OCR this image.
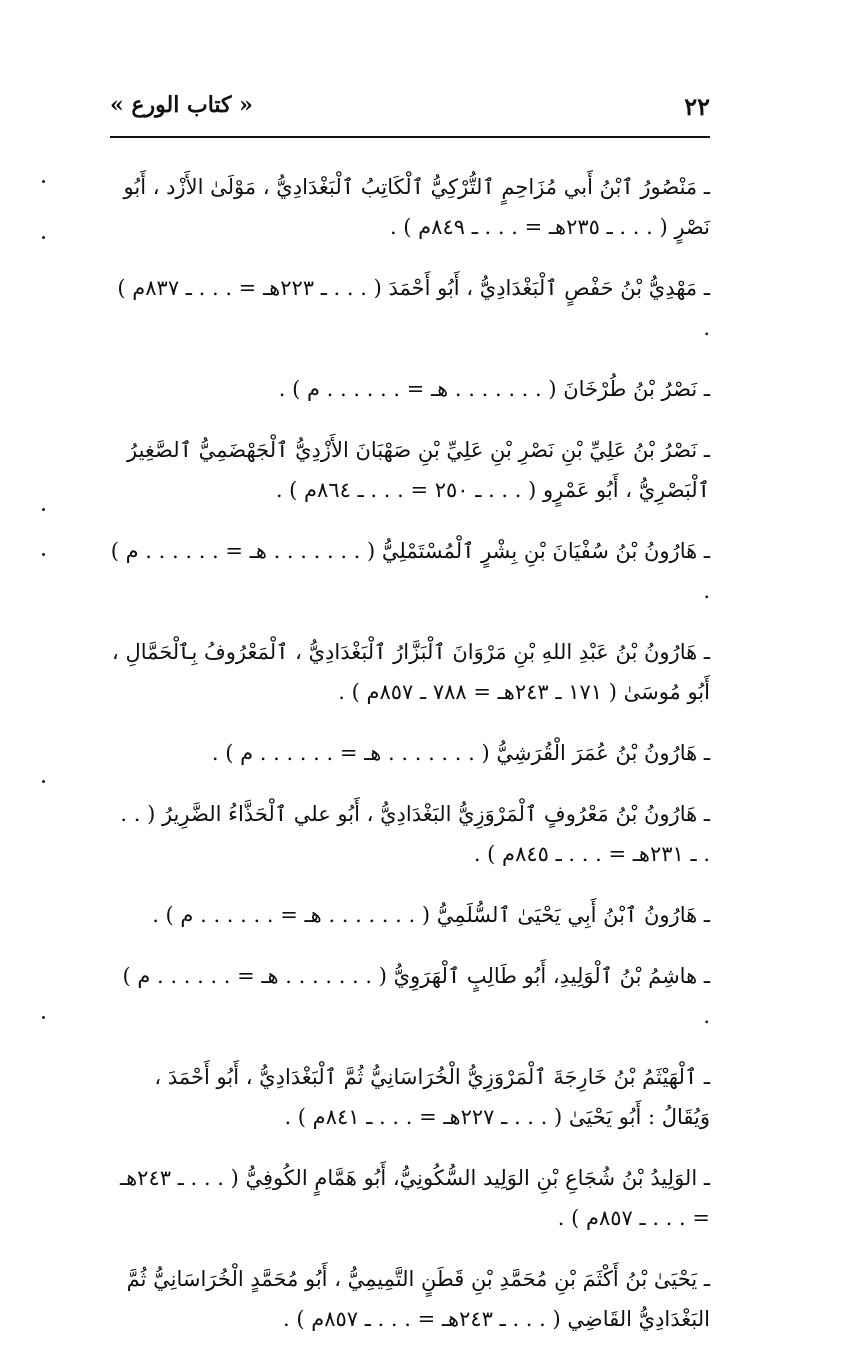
٢٢
« كتاب الورع »

ـ مَنْصُورُ ٱبْنُ أَبي مُزَاحِمٍ ٱلتُّرْكِيُّ ٱلْكَاتِبُ ٱلْبَغْدَادِيُّ ، مَوْلَىٰ الأَزْد ، أَبُو نَصْرٍ ( . . . ـ ٢٣٥هـ = . . . ـ ٨٤٩م ) .

ـ مَهْدِيُّ بْنُ حَفْصٍ ٱلْبَغْدَادِيُّ ، أَبُو أَحْمَدَ ( . . . ـ ٢٢٣هـ = . . . ـ ٨٣٧م ) .

ـ نَصْرُ بْنُ طُرْخَانَ ( . . . . . . . هـ = . . . . . . م ) .

ـ نَصْرُ بْنُ عَلِيِّ بْنِ نَصْرِ بْنِ عَلِيِّ بْنِ صَهْبَانَ الأَزْدِيُّ ٱلْجَهْضَمِيُّ ٱلصَّغِيرُ ٱلْبَصْرِيُّ ، أَبُو عَمْرٍو ( . . . ـ ٢٥٠ = . . . ـ ٨٦٤م ) .

ـ هَارُونُ بْنُ سُفْيَانَ بْنِ بِشْرٍ ٱلْمُسْتَمْلِيُّ ( . . . . . . . هـ = . . . . . . م ) .

ـ هَارُونُ بْنُ عَبْدِ اللهِ بْنِ مَرْوَانَ ٱلْبَزَّارُ ٱلْبَغْدَادِيُّ ، ٱلْمَعْرُوفُ بِٱلْحَمَّالِ ، أَبُو مُوسَىٰ ( ١٧١ ـ ٢٤٣هـ = ٧٨٨ ـ ٨٥٧م ) .

ـ هَارُونُ بْنُ عُمَرَ الْقُرَشِيُّ ( . . . . . . . هـ = . . . . . . م ) .

ـ هَارُونُ بْنُ مَعْرُوفٍ ٱلْمَرْوَزِيُّ البَغْدَادِيُّ ، أَبُو علي ٱلْحَذَّاءُ الضَّرِيرُ ( . . . ـ ٢٣١هـ = . . . ـ ٨٤٥م ) .

ـ هَارُونُ ٱبْنُ أَبِي يَحْيَىٰ ٱلسُّلَمِيُّ ( . . . . . . . هـ = . . . . . . م ) .

ـ هاشِمُ بْنُ ٱلْوَلِيدِ، أَبُو طَالِبٍ ٱلْهَرَوِيُّ ( . . . . . . . هـ = . . . . . . م ) .

ـ ٱلْهَيْثَمُ بْنُ خَارِجَةَ ٱلْمَرْوَزِيُّ الْخُرَاسَانِيُّ ثُمَّ ٱلْبَغْدَادِيُّ ، أَبُو أَحْمَدَ ، وَيُقَالُ : أَبُو يَحْيَىٰ ( . . . ـ ٢٢٧هـ = . . . ـ ٨٤١م ) .

ـ الوَلِيدُ بْنُ شُجَاعِ بْنِ الوَلِيد السُّكُونِيُّ، أَبُو هَمَّامٍ الكُوفِيُّ ( . . . ـ ٢٤٣هـ = . . . ـ ٨٥٧م ) .

ـ يَحْيَىٰ بْنُ أَكْثَمَ بْنِ مُحَمَّدِ بْنِ قَطَنٍ التَّمِيمِيُّ ، أَبُو مُحَمَّدٍ الْخُرَاسَانِيُّ ثُمَّ البَغْدَادِيُّ القَاضِي ( . . . ـ ٢٤٣هـ = . . . ـ ٨٥٧م ) .
